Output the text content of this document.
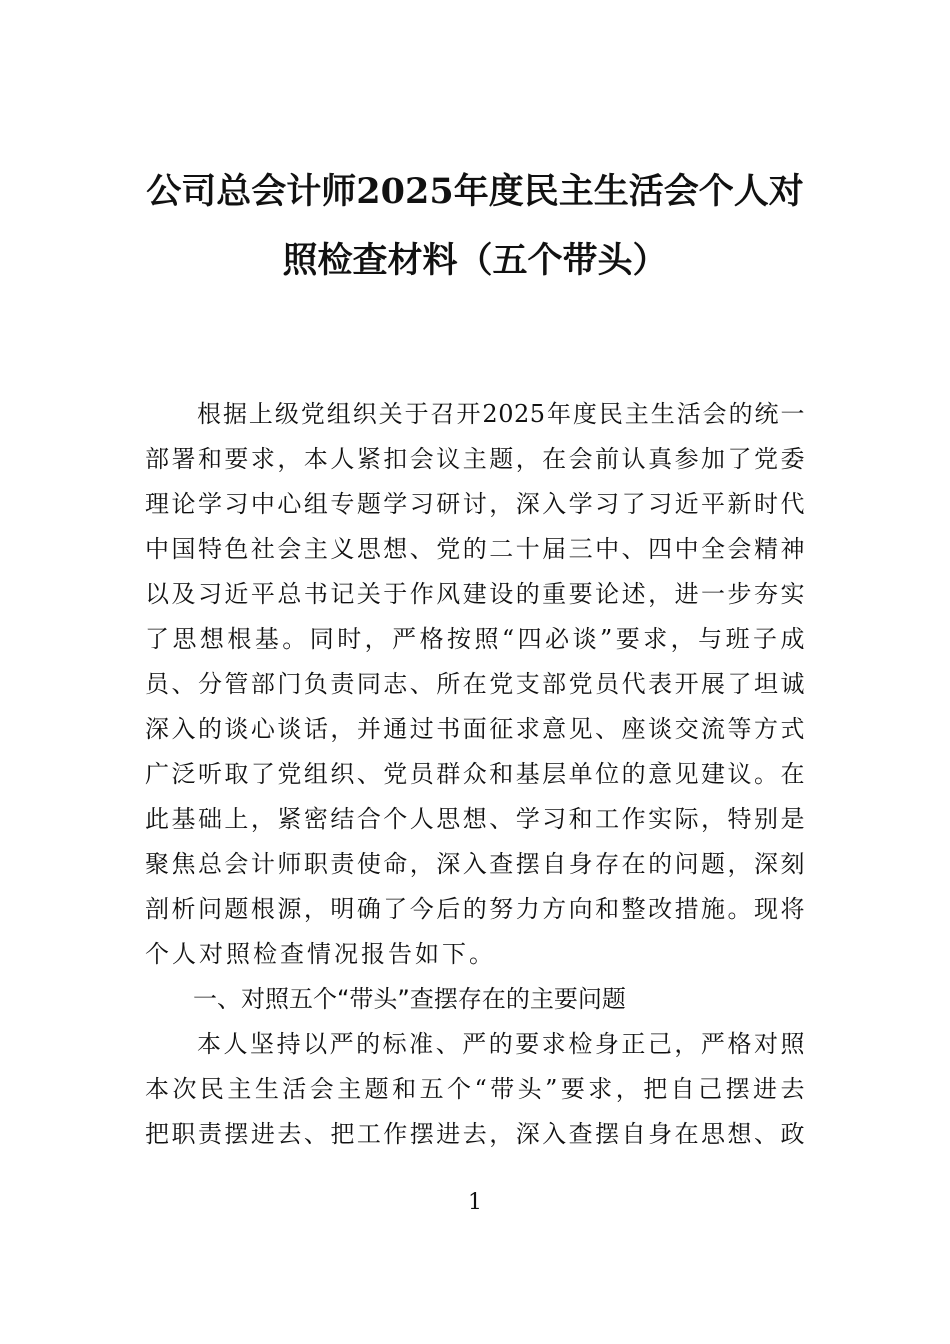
公司总会计师2025年度民主生活会个人对
照检查材料（五个带头）
根据上级党组织关于召开2025年度民主生活会的统一
部署和要求，本人紧扣会议主题，在会前认真参加了党委
理论学习中心组专题学习研讨，深入学习了习近平新时代
中国特色社会主义思想、党的二十届三中、四中全会精神
以及习近平总书记关于作风建设的重要论述，进一步夯实
了思想根基。同时，严格按照“四必谈”要求，与班子成
员、分管部门负责同志、所在党支部党员代表开展了坦诚
深入的谈心谈话，并通过书面征求意见、座谈交流等方式
广泛听取了党组织、党员群众和基层单位的意见建议。在
此基础上，紧密结合个人思想、学习和工作实际，特别是
聚焦总会计师职责使命，深入查摆自身存在的问题，深刻
剖析问题根源，明确了今后的努力方向和整改措施。现将
个人对照检查情况报告如下。
一、对照五个“带头”查摆存在的主要问题
本人坚持以严的标准、严的要求检身正己，严格对照
本次民主生活会主题和五个“带头”要求，把自己摆进去
把职责摆进去、把工作摆进去，深入查摆自身在思想、政
1
